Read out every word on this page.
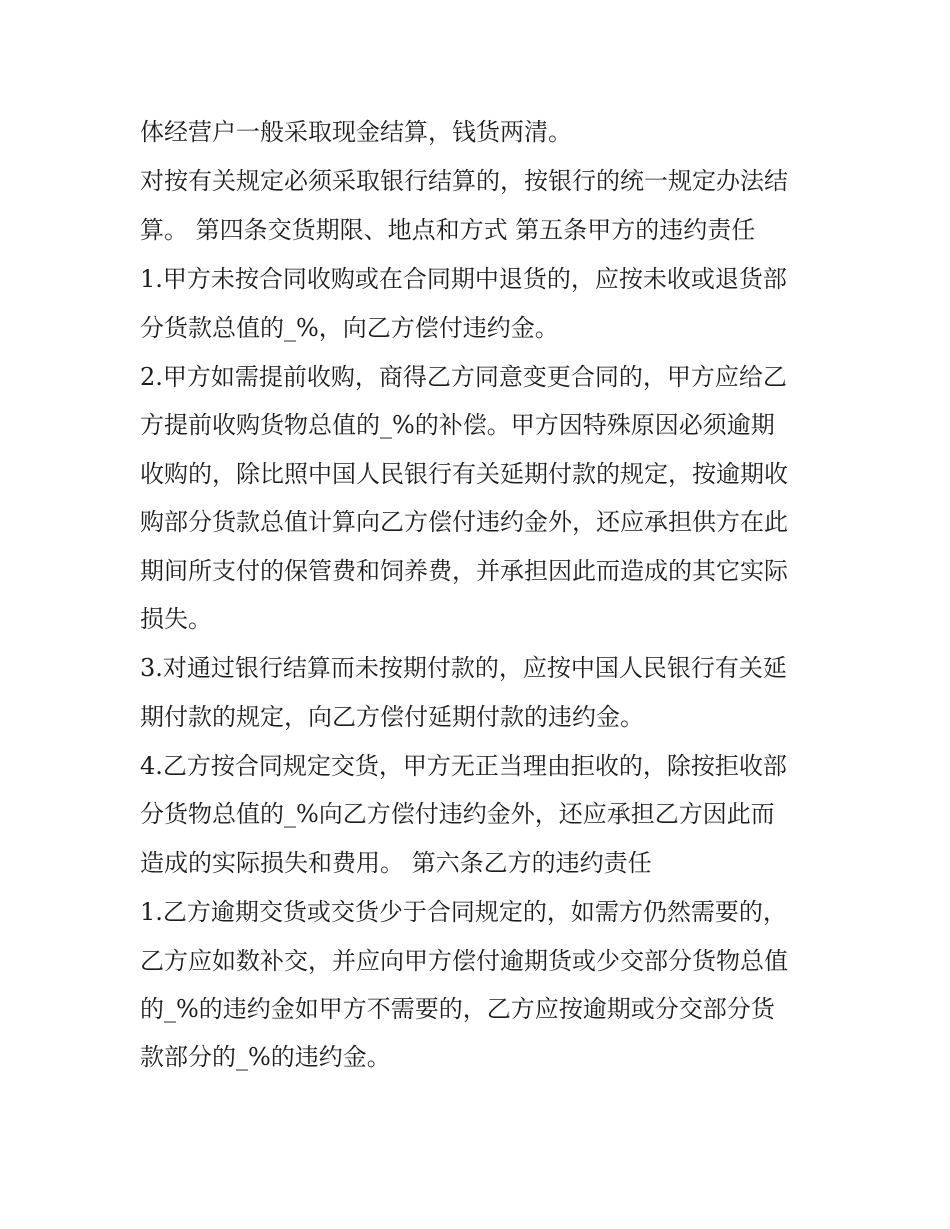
体经营户一般采取现金结算，钱货两清。

对按有关规定必须采取银行结算的，按银行的统一规定办法结
算。 第四条交货期限、地点和方式 第五条甲方的违约责任

1.甲方未按合同收购或在合同期中退货的，应按未收或退货部
分货款总值的_%，向乙方偿付违约金。

2.甲方如需提前收购，商得乙方同意变更合同的，甲方应给乙
方提前收购货物总值的_%的补偿。甲方因特殊原因必须逾期
收购的，除比照中国人民银行有关延期付款的规定，按逾期收
购部分货款总值计算向乙方偿付违约金外，还应承担供方在此
期间所支付的保管费和饲养费，并承担因此而造成的其它实际
损失。

3.对通过银行结算而未按期付款的，应按中国人民银行有关延
期付款的规定，向乙方偿付延期付款的违约金。

4.乙方按合同规定交货，甲方无正当理由拒收的，除按拒收部
分货物总值的_%向乙方偿付违约金外，还应承担乙方因此而
造成的实际损失和费用。 第六条乙方的违约责任

1.乙方逾期交货或交货少于合同规定的，如需方仍然需要的，
乙方应如数补交，并应向甲方偿付逾期货或少交部分货物总值
的_%的违约金如甲方不需要的，乙方应按逾期或分交部分货
款部分的_%的违约金。
